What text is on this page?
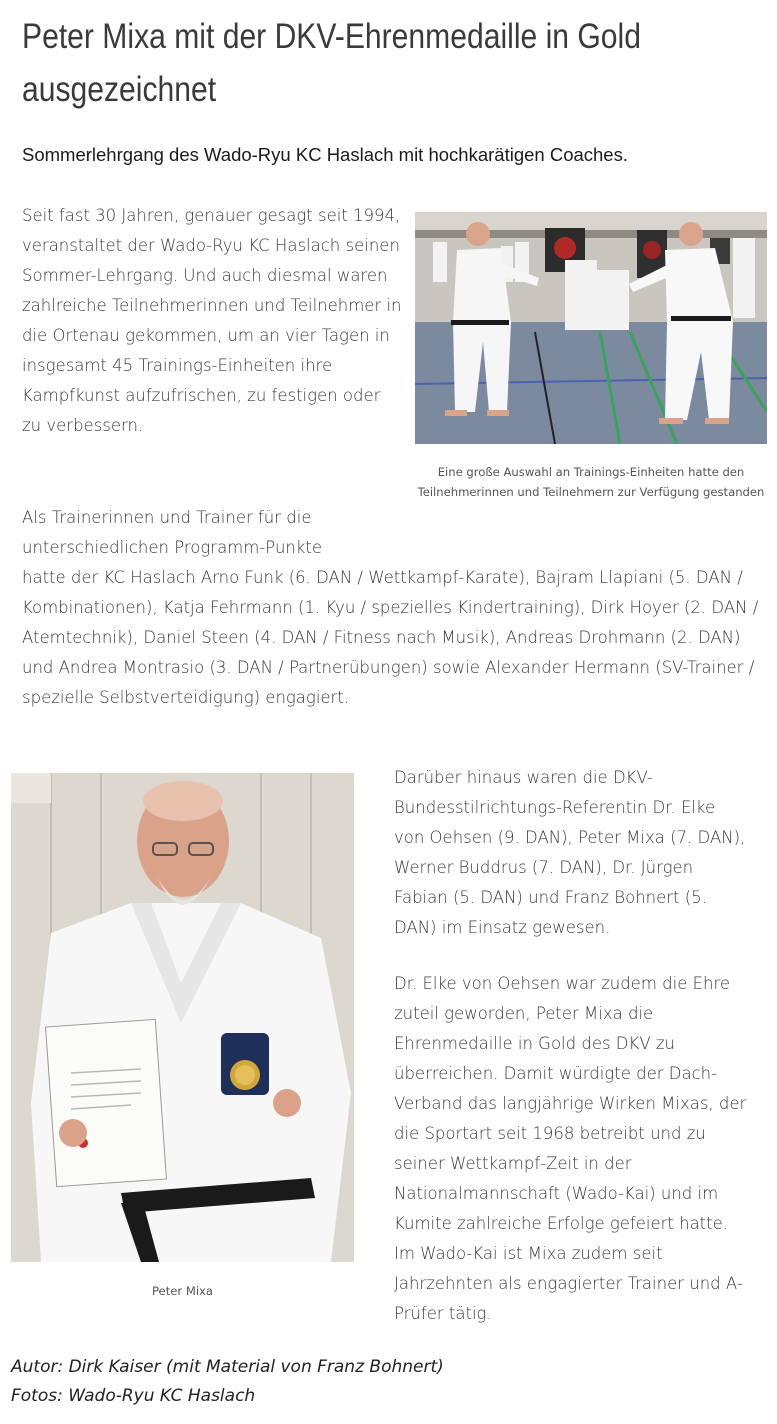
Peter Mixa mit der DKV-Ehrenmedaille in Gold ausgezeichnet

Sommerlehrgang des Wado-Ryu KC Haslach mit hochkarätigen Coaches.

Seit fast 30 Jahren, genauer gesagt seit 1994, veranstaltet der Wado-Ryu KC Haslach seinen Sommer-Lehrgang. Und auch diesmal waren zahlreiche Teilnehmerinnen und Teilnehmer in die Ortenau gekommen, um an vier Tagen in insgesamt 45 Trainings-Einheiten ihre Kampfkunst aufzufrischen, zu festigen oder zu verbessern.

Eine große Auswahl an Trainings-Einheiten hatte den Teilnehmerinnen und Teilnehmern zur Verfügung gestanden

Als Trainerinnen und Trainer für die unterschiedlichen Programm-Punkte
hatte der KC Haslach Arno Funk (6. DAN / Wettkampf-Karate), Bajram Llapiani (5. DAN / Kombinationen), Katja Fehrmann (1. Kyu / spezielles Kindertraining), Dirk Hoyer (2. DAN / Atemtechnik), Daniel Steen (4. DAN / Fitness nach Musik), Andreas Drohmann (2. DAN) und Andrea Montrasio (3. DAN / Partnerübungen) sowie Alexander Hermann (SV-Trainer / spezielle Selbstverteidigung) engagiert.

Peter Mixa

Darüber hinaus waren die DKV-Bundesstilrichtungs-Referentin Dr. Elke von Oehsen (9. DAN), Peter Mixa (7. DAN), Werner Buddrus (7. DAN), Dr. Jürgen Fabian (5. DAN) und Franz Bohnert (5. DAN) im Einsatz gewesen.

Dr. Elke von Oehsen war zudem die Ehre zuteil geworden, Peter Mixa die Ehrenmedaille in Gold des DKV zu überreichen. Damit würdigte der Dach-Verband das langjährige Wirken Mixas, der die Sportart seit 1968 betreibt und zu seiner Wettkampf-Zeit in der Nationalmannschaft (Wado-Kai) und im Kumite zahlreiche Erfolge gefeiert hatte. Im Wado-Kai ist Mixa zudem seit Jahrzehnten als engagierter Trainer und A-Prüfer tätig.

Autor: Dirk Kaiser (mit Material von Franz Bohnert)
Fotos: Wado-Ryu KC Haslach
